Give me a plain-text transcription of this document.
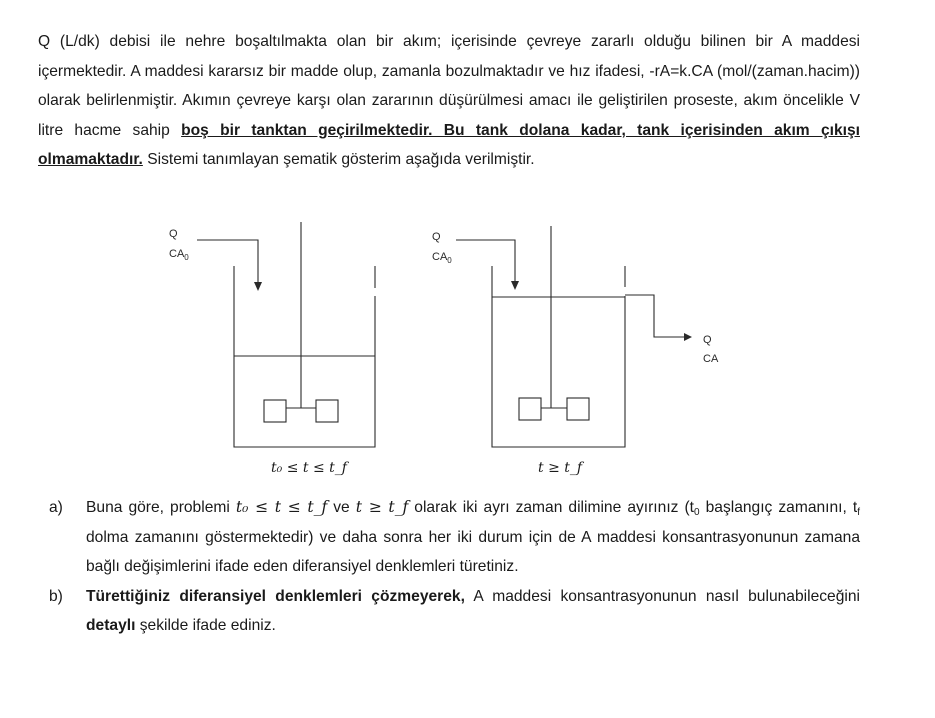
Q (L/dk) debisi ile nehre boşaltılmakta olan bir akım; içerisinde çevreye zararlı olduğu bilinen bir A maddesi içermektedir. A maddesi kararsız bir madde olup, zamanla bozulmaktadır ve hız ifadesi, -rA=k.CA (mol/(zaman.hacim)) olarak belirlenmiştir. Akımın çevreye karşı olan zararının düşürülmesi amacı ile geliştirilen proseste, akım öncelikle V litre hacme sahip boş bir tanktan geçirilmektedir. Bu tank dolana kadar, tank içerisinden akım çıkışı olmamaktadır. Sistemi tanımlayan şematik gösterim aşağıda verilmiştir.
Q
$CA_0$
Q
$CA_0$
Q
CA
t₀ ≤ t ≤ t_f	t ≥ t_f
a) Buna göre, problemi t₀ ≤ t ≤ t_f ve t ≥ t_f olarak iki ayrı zaman dilimine ayırınız ($t_0$ başlangıç zamanını, $t_f$ dolma zamanını göstermektedir) ve daha sonra her iki durum için de A maddesi konsantrasyonunun zamana bağlı değişimlerini ifade eden diferansiyel denklemleri türetiniz.
b) Türettiğiniz diferansiyel denklemleri çözmeyerek, A maddesi konsantrasyonunun nasıl bulunabileceğini detaylı şekilde ifade ediniz.
